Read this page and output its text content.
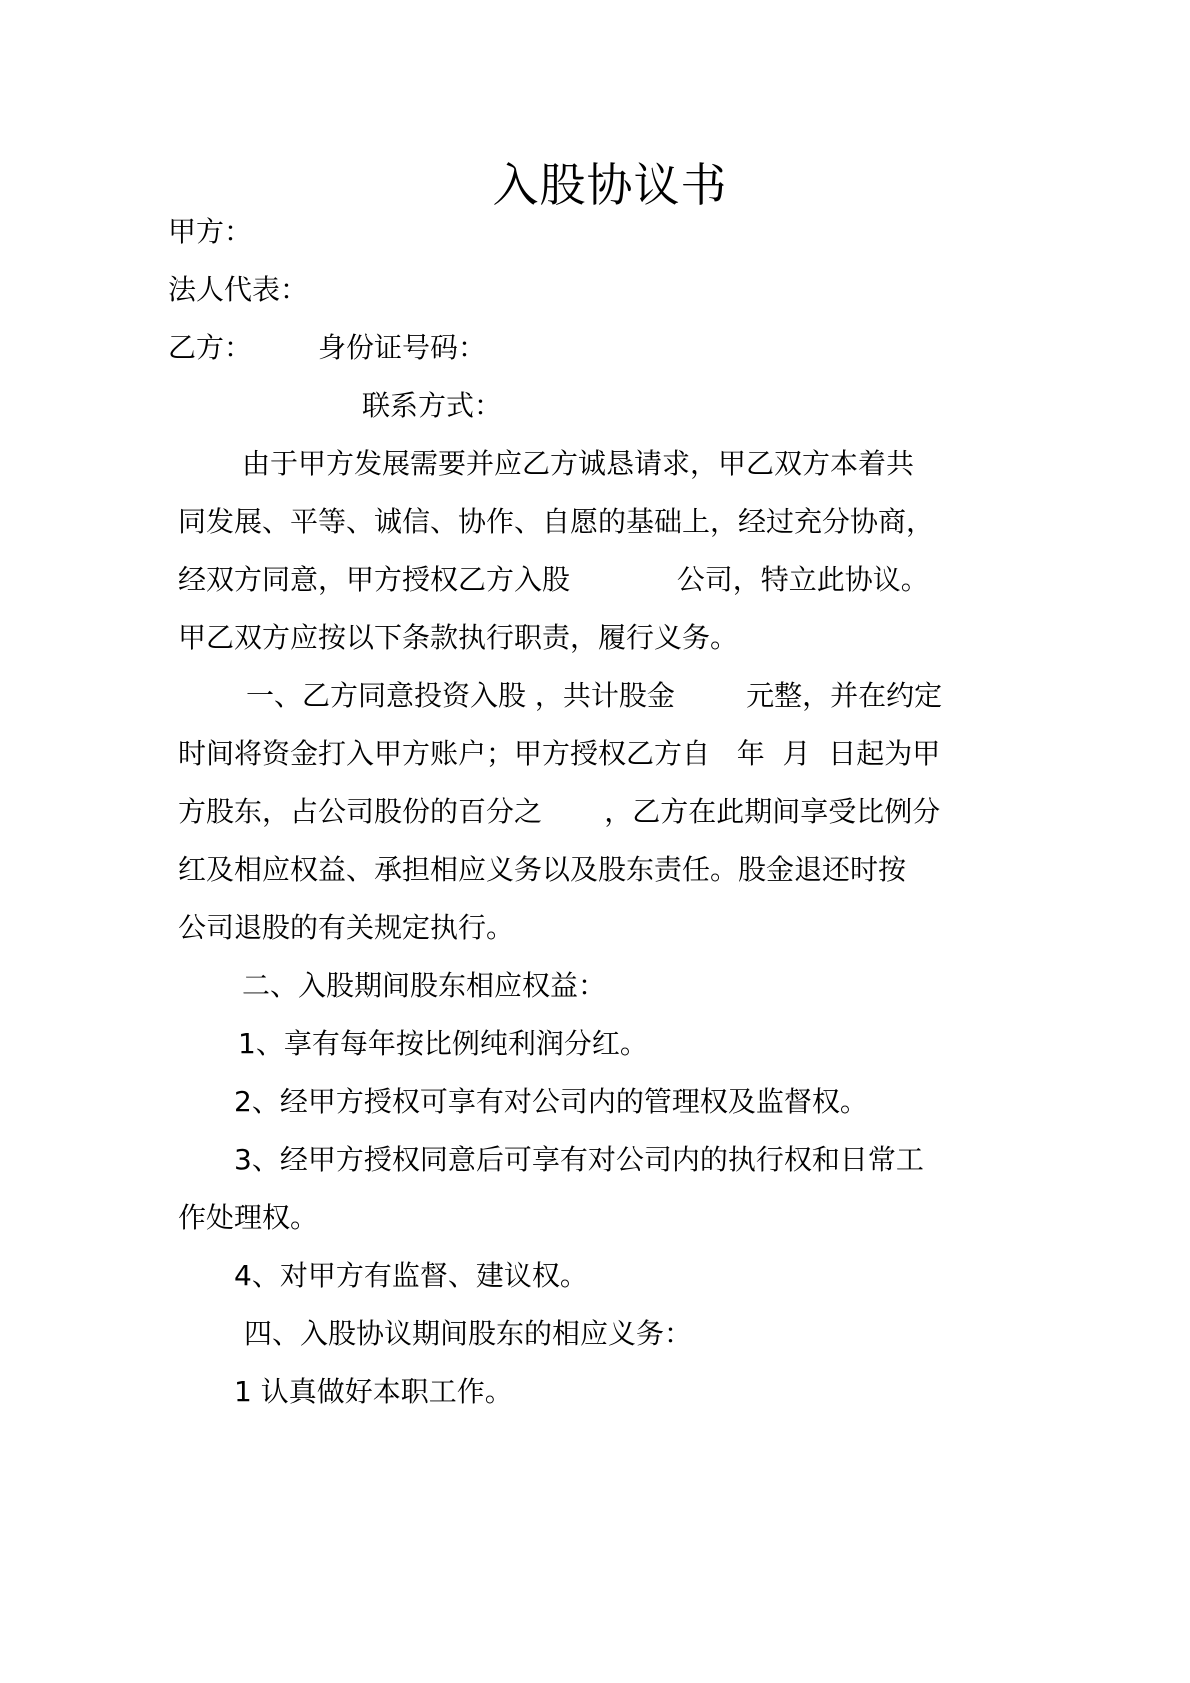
入股协议书
甲方：
法人代表：
乙方： 身份证号码：
联系方式：
由于甲方发展需要并应乙方诚恳请求，甲乙双方本着共
同发展、平等、诚信、协作、自愿的基础上，经过充分协商，
经双方同意，甲方授权乙方入股            公司，特立此协议。
甲乙双方应按以下条款执行职责，履行义务。
一、乙方同意投资入股 ，共计股金        元整，并在约定
时间将资金打入甲方账户；甲方授权乙方自   年  月  日起为甲
方股东，占公司股份的百分之       ，乙方在此期间享受比例分
红及相应权益、承担相应义务以及股东责任。股金退还时按
公司退股的有关规定执行。
二、入股期间股东相应权益：
1、享有每年按比例纯利润分红。
2、经甲方授权可享有对公司内的管理权及监督权。
3、经甲方授权同意后可享有对公司内的执行权和日常工
作处理权。
4、对甲方有监督、建议权。
四、入股协议期间股东的相应义务：
1 认真做好本职工作。
